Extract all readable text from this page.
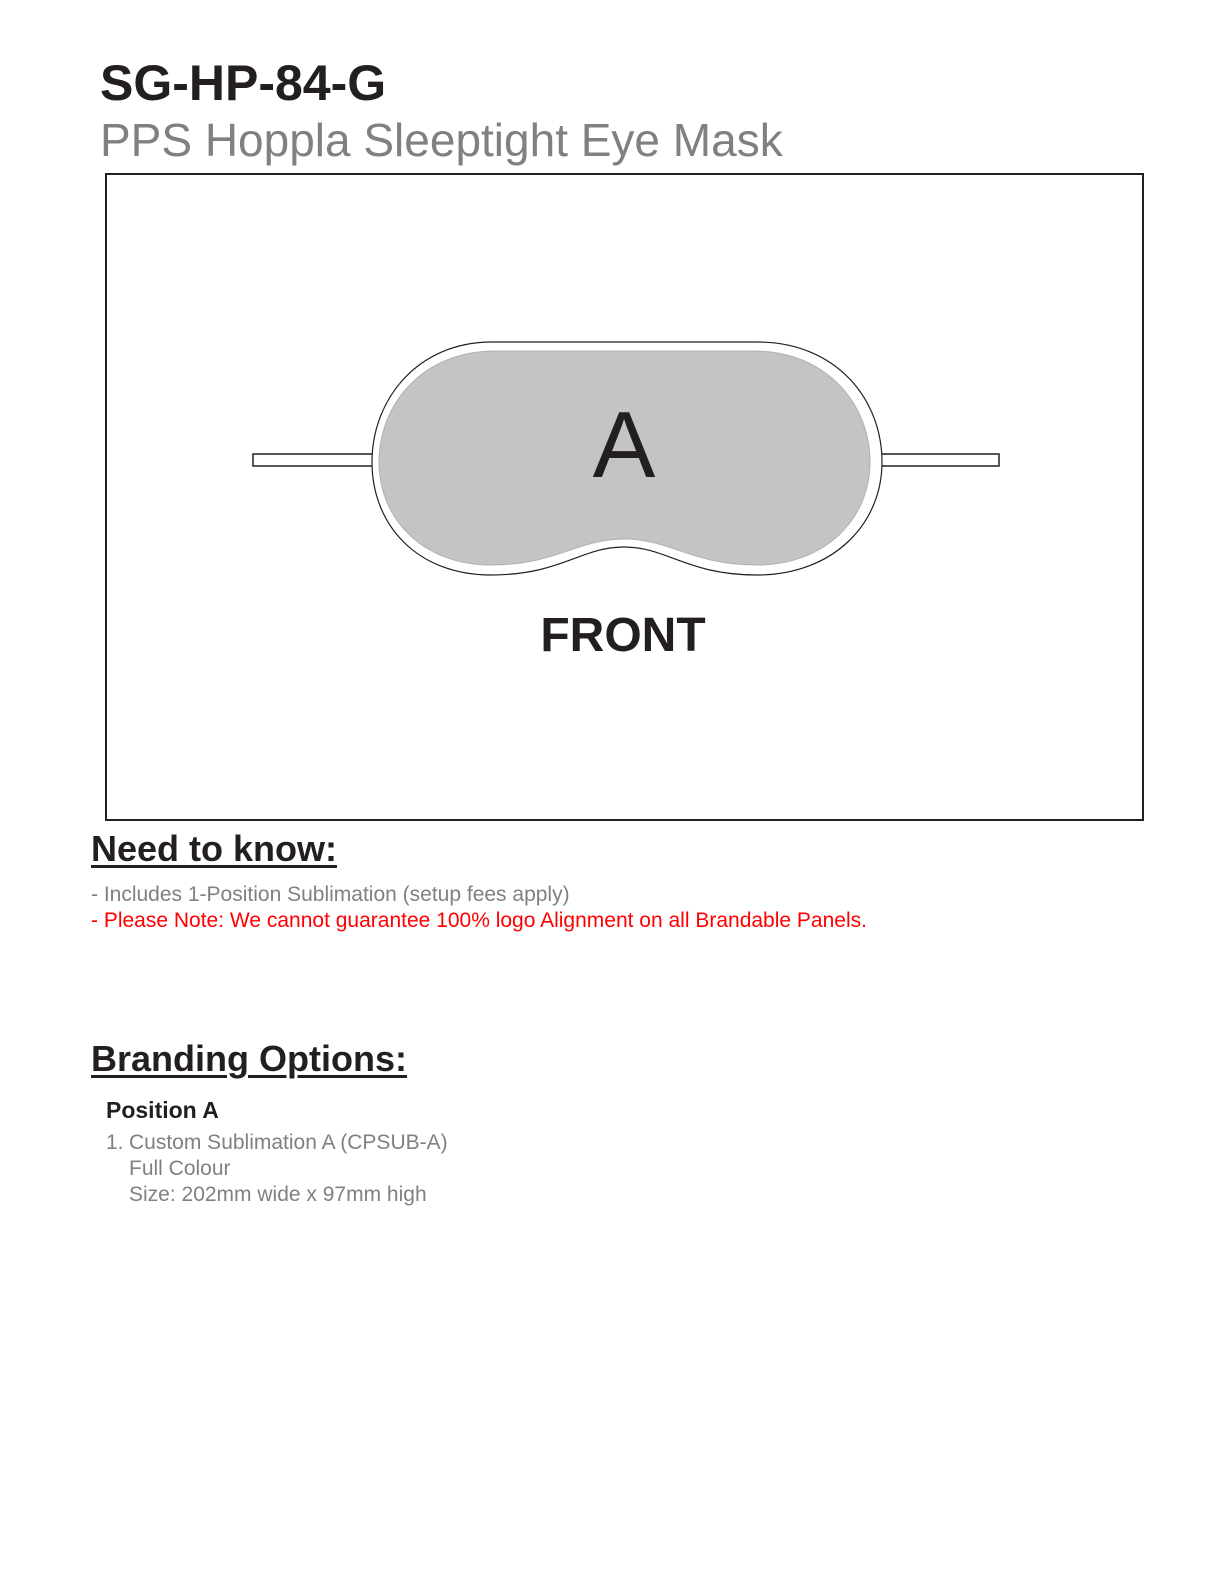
SG-HP-84-G
PPS Hoppla Sleeptight Eye Mask
A
FRONT
Need to know:

- Includes 1-Position Sublimation (setup fees apply)

- Please Note: We cannot guarantee 100% logo Alignment on all Brandable Panels.

Branding Options:

Position A

1. Custom Sublimation A (CPSUB-A)
Full Colour
Size: 202mm wide x 97mm high
